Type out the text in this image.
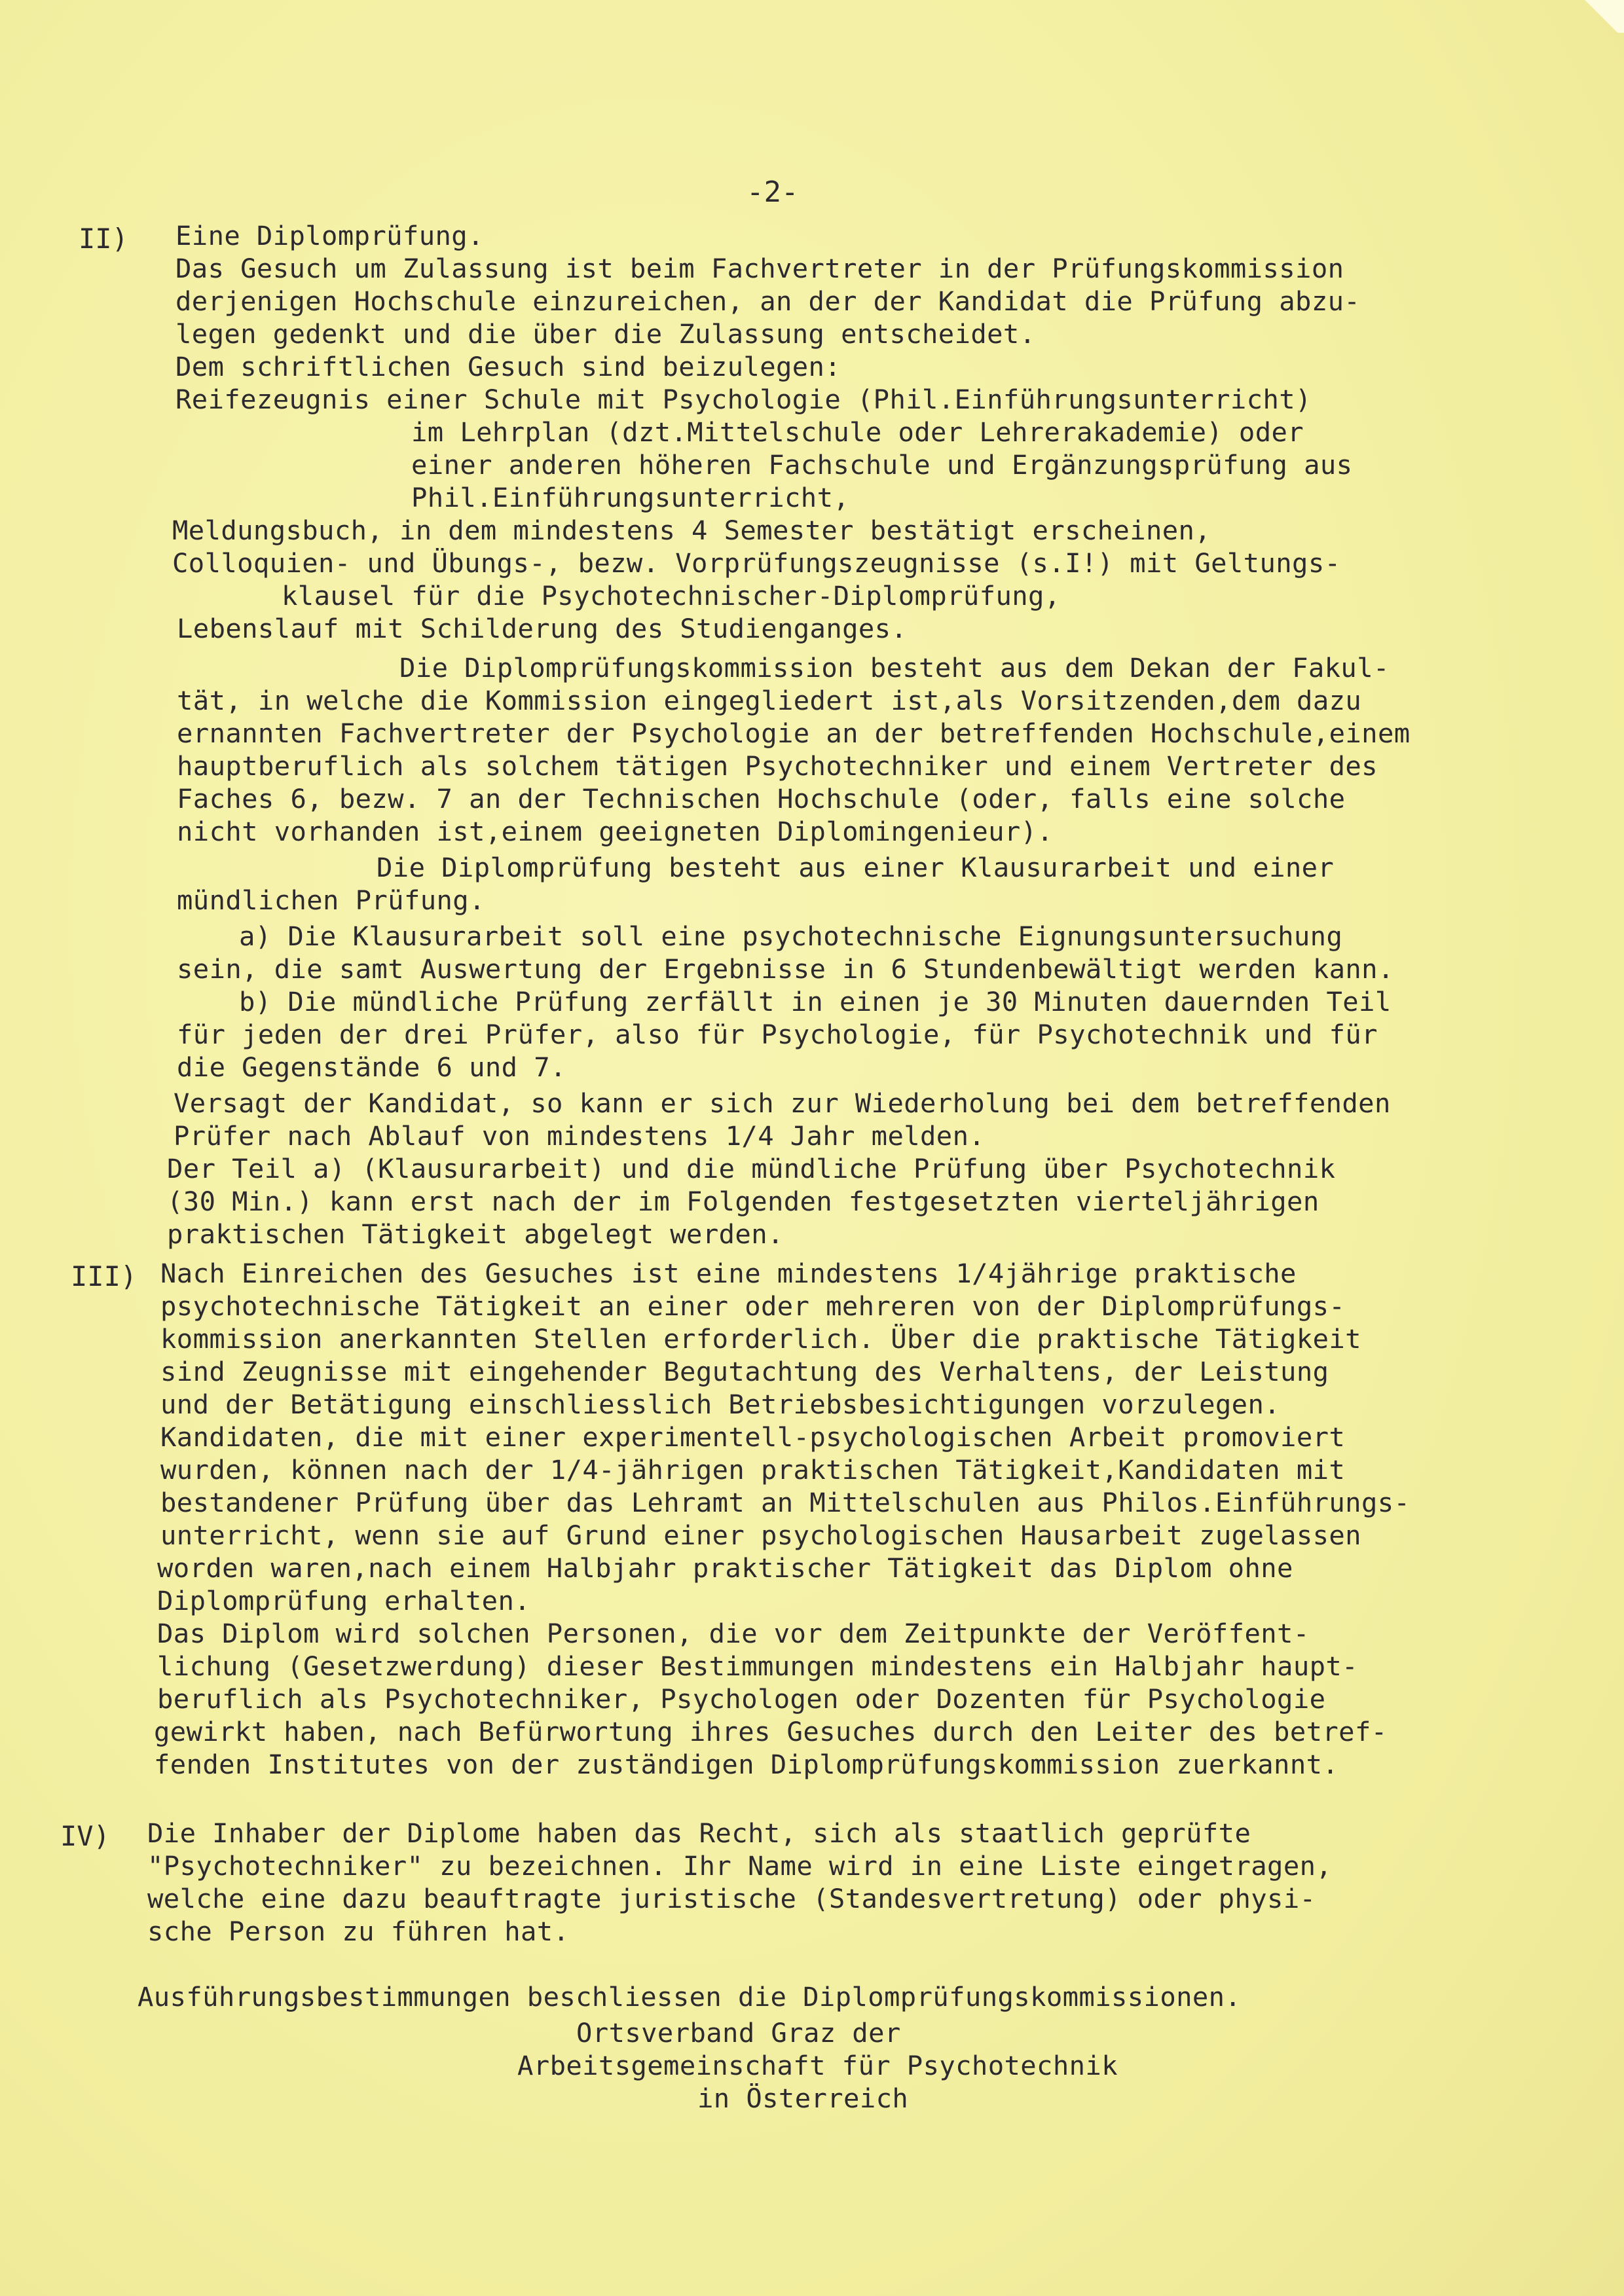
-2-
II) Eine Diplomprüfung.
Das Gesuch um Zulassung ist beim Fachvertreter in der Prüfungskommission
derjenigen Hochschule einzureichen, an der der Kandidat die Prüfung abzu-
legen gedenkt und die über die Zulassung entscheidet.
Dem schriftlichen Gesuch sind beizulegen:
Reifezeugnis einer Schule mit Psychologie (Phil.Einführungsunterricht)
im Lehrplan (dzt.Mittelschule oder Lehrerakademie) oder
einer anderen höheren Fachschule und Ergänzungsprüfung aus
Phil.Einführungsunterricht,
Meldungsbuch, in dem mindestens 4 Semester bestätigt erscheinen,
Colloquien- und Übungs-, bezw. Vorprüfungszeugnisse (s.I!) mit Geltungs-
klausel für die Psychotechnischer-Diplomprüfung,
Lebenslauf mit Schilderung des Studienganges.
Die Diplomprüfungskommission besteht aus dem Dekan der Fakul-
tät, in welche die Kommission eingegliedert ist,als Vorsitzenden,dem dazu
ernannten Fachvertreter der Psychologie an der betreffenden Hochschule,einem
hauptberuflich als solchem tätigen Psychotechniker und einem Vertreter des
Faches 6, bezw. 7 an der Technischen Hochschule (oder, falls eine solche
nicht vorhanden ist,einem geeigneten Diplomingenieur).
Die Diplomprüfung besteht aus einer Klausurarbeit und einer
mündlichen Prüfung.
a) Die Klausurarbeit soll eine psychotechnische Eignungsuntersuchung
sein, die samt Auswertung der Ergebnisse in 6 Stundenbewältigt werden kann.
b) Die mündliche Prüfung zerfällt in einen je 30 Minuten dauernden Teil
für jeden der drei Prüfer, also für Psychologie, für Psychotechnik und für
die Gegenstände 6 und 7.
Versagt der Kandidat, so kann er sich zur Wiederholung bei dem betreffenden
Prüfer nach Ablauf von mindestens 1/4 Jahr melden.
Der Teil a) (Klausurarbeit) und die mündliche Prüfung über Psychotechnik
(30 Min.) kann erst nach der im Folgenden festgesetzten vierteljährigen
praktischen Tätigkeit abgelegt werden.
III) Nach Einreichen des Gesuches ist eine mindestens 1/4jährige praktische
psychotechnische Tätigkeit an einer oder mehreren von der Diplomprüfungs-
kommission anerkannten Stellen erforderlich. Über die praktische Tätigkeit
sind Zeugnisse mit eingehender Begutachtung des Verhaltens, der Leistung
und der Betätigung einschliesslich Betriebsbesichtigungen vorzulegen.
Kandidaten, die mit einer experimentell-psychologischen Arbeit promoviert
wurden, können nach der 1/4-jährigen praktischen Tätigkeit,Kandidaten mit
bestandener Prüfung über das Lehramt an Mittelschulen aus Philos.Einführungs-
unterricht, wenn sie auf Grund einer psychologischen Hausarbeit zugelassen
worden waren,nach einem Halbjahr praktischer Tätigkeit das Diplom ohne
Diplomprüfung erhalten.
Das Diplom wird solchen Personen, die vor dem Zeitpunkte der Veröffent-
lichung (Gesetzwerdung) dieser Bestimmungen mindestens ein Halbjahr haupt-
beruflich als Psychotechniker, Psychologen oder Dozenten für Psychologie
gewirkt haben, nach Befürwortung ihres Gesuches durch den Leiter des betref-
fenden Institutes von der zuständigen Diplomprüfungskommission zuerkannt.
IV) Die Inhaber der Diplome haben das Recht, sich als staatlich geprüfte
"Psychotechniker" zu bezeichnen. Ihr Name wird in eine Liste eingetragen,
welche eine dazu beauftragte juristische (Standesvertretung) oder physi-
sche Person zu führen hat.
Ausführungsbestimmungen beschliessen die Diplomprüfungskommissionen.
Ortsverband Graz der
Arbeitsgemeinschaft für Psychotechnik
in Österreich
